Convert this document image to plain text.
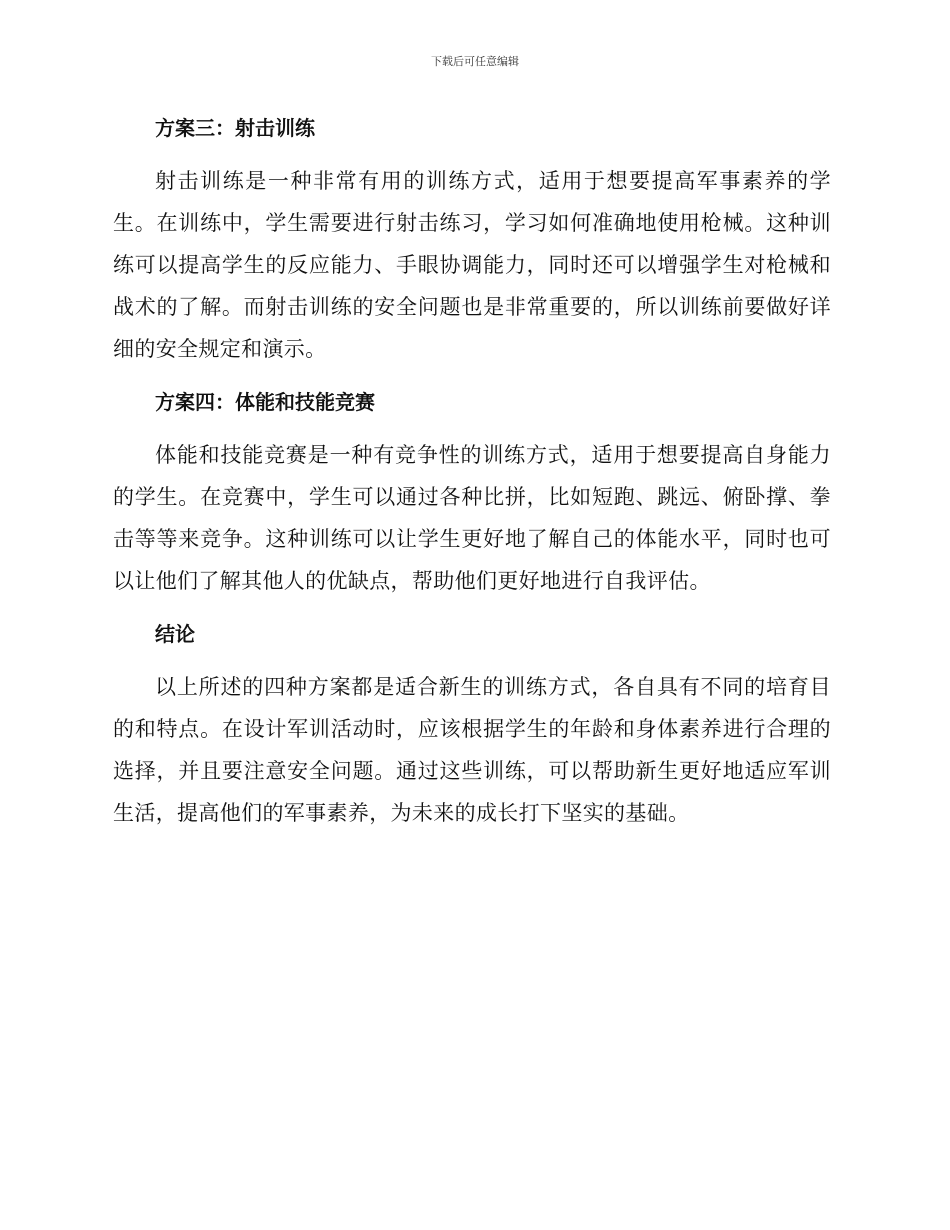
下载后可任意编辑
方案三：射击训练

射击训练是一种非常有用的训练方式，适用于想要提高军事素养的学生。在训练中，学生需要进行射击练习，学习如何准确地使用枪械。这种训练可以提高学生的反应能力、手眼协调能力，同时还可以增强学生对枪械和战术的了解。而射击训练的安全问题也是非常重要的，所以训练前要做好详细的安全规定和演示。

方案四：体能和技能竞赛

体能和技能竞赛是一种有竞争性的训练方式，适用于想要提高自身能力的学生。在竞赛中，学生可以通过各种比拼，比如短跑、跳远、俯卧撑、拳击等等来竞争。这种训练可以让学生更好地了解自己的体能水平，同时也可以让他们了解其他人的优缺点，帮助他们更好地进行自我评估。

结论

以上所述的四种方案都是适合新生的训练方式，各自具有不同的培育目的和特点。在设计军训活动时，应该根据学生的年龄和身体素养进行合理的选择，并且要注意安全问题。通过这些训练，可以帮助新生更好地适应军训生活，提高他们的军事素养，为未来的成长打下坚实的基础。
